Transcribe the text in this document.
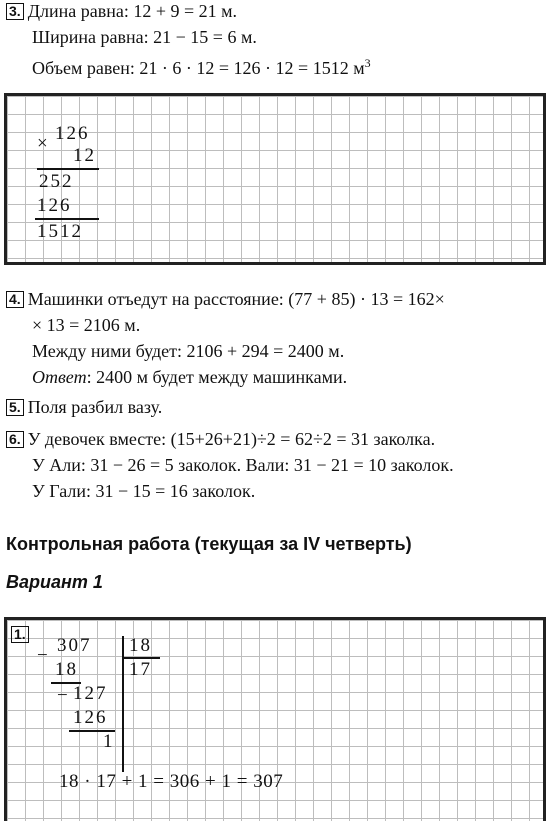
3. Длина равна: 12 + 9 = 21 м.
Ширина равна: 21 − 15 = 6 м.
Объем равен: 21 · 6 · 12 = 126 · 12 = 1512 $м^3$
× 126
12
252
126
1512
4. Машинки отъедут на расстояние: (77 + 85) · 13 = 162×
× 13 = 2106 м.
Между ними будет: 2106 + 294 = 2400 м.
Ответ: 2400 м будет между машинками.
5. Поля разбил вазу.
6. У девочек вместе: (15+26+21)÷2 = 62÷2 = 31 заколка.
У Али: 31 − 26 = 5 заколок. Вали: 31 − 21 = 10 заколок.
У Гали: 31 − 15 = 16 заколок.
Контрольная работа (текущая за IV четверть)
Вариант 1
1.
− 307 18
17
18
− 127
126
1
18 · 17 + 1 = 306 + 1 = 307
